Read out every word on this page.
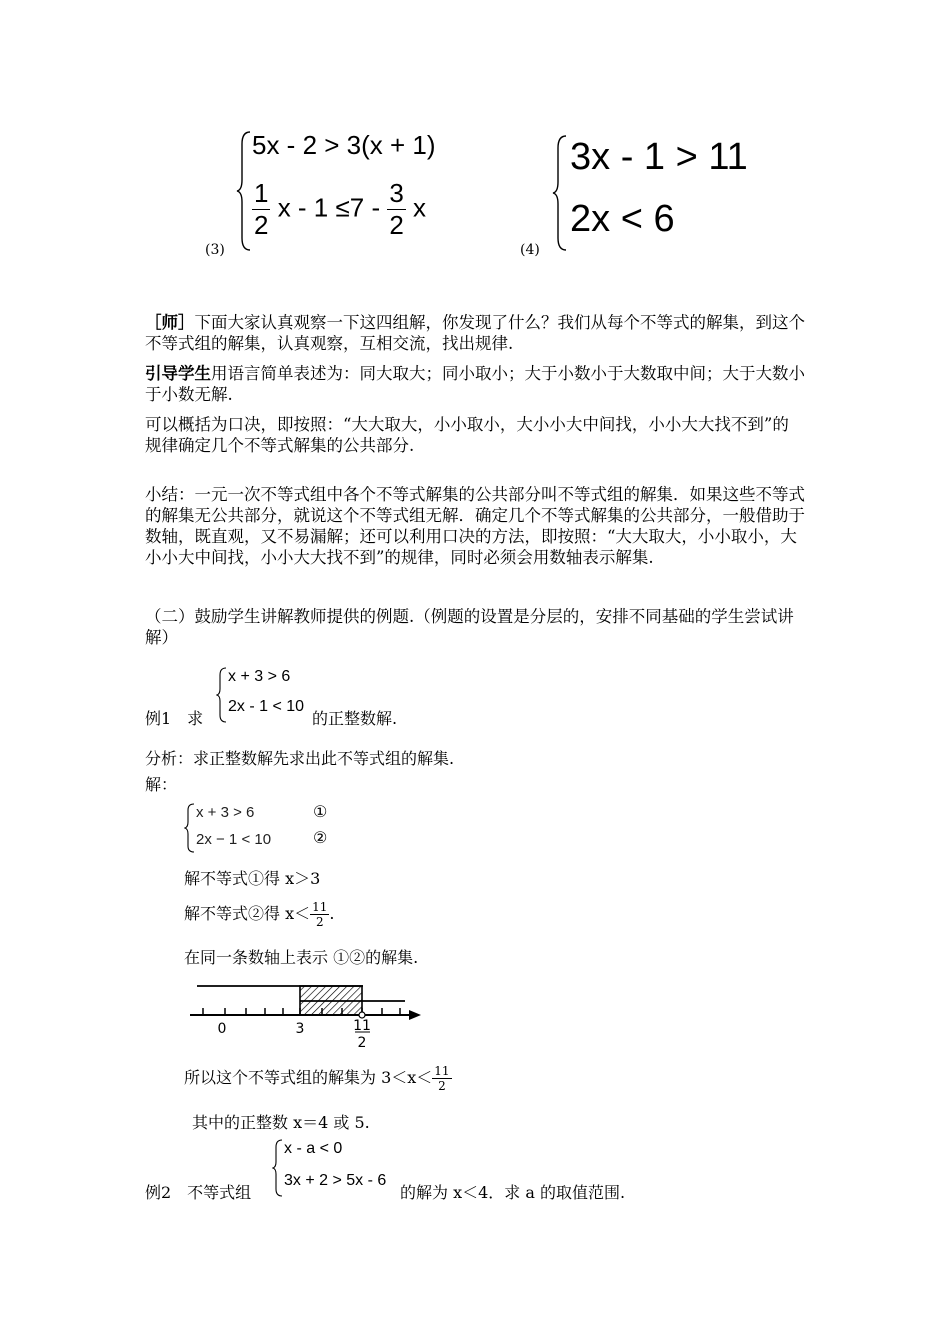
(3)
5x - 2 > 3(x + 1)
$\frac{1}{2}$ $x - 1 \le 7 - \frac{3}{2}$ x
(4)
3x - 1 > 11
2x < 6
［师］下面大家认真观察一下这四组解，你发现了什么？我们从每个不等式的解集，到这个不等式组的解集，认真观察，互相交流，找出规律.
引导学生用语言简单表述为：同大取大；同小取小；大于小数小于大数取中间；大于大数小于小数无解.
可以概括为口决，即按照：“大大取大，小小取小，大小小大中间找，小小大大找不到”的规律确定几个不等式解集的公共部分.
小结：一元一次不等式组中各个不等式解集的公共部分叫不等式组的解集．如果这些不等式的解集无公共部分，就说这个不等式组无解．确定几个不等式解集的公共部分，一般借助于数轴，既直观，又不易漏解；还可以利用口决的方法，即按照：“大大取大，小小取小，大小小大中间找，小小大大找不到”的规律，同时必须会用数轴表示解集.
（二）鼓励学生讲解教师提供的例题.（例题的设置是分层的，安排不同基础的学生尝试讲解）
例1　求
x + 3 > 6
2x - 1 < 10
的正整数解.
分析：求正整数解先求出此不等式组的解集.
解：
x + 3 > 6
2x − 1 < 10
①
②
解不等式①得 x＞3
解不等式②得 $x< \frac{11}{2}$ .
在同一条数轴上表示 ①②的解集.
0	3	11
2
所以这个不等式组的解集为 $3<x< \frac{11}{2}$
其中的正整数 x＝4 或 5.
例2　不等式组
x - a < 0
3x + 2 > 5x - 6
的解为 x＜4．求 a 的取值范围.
